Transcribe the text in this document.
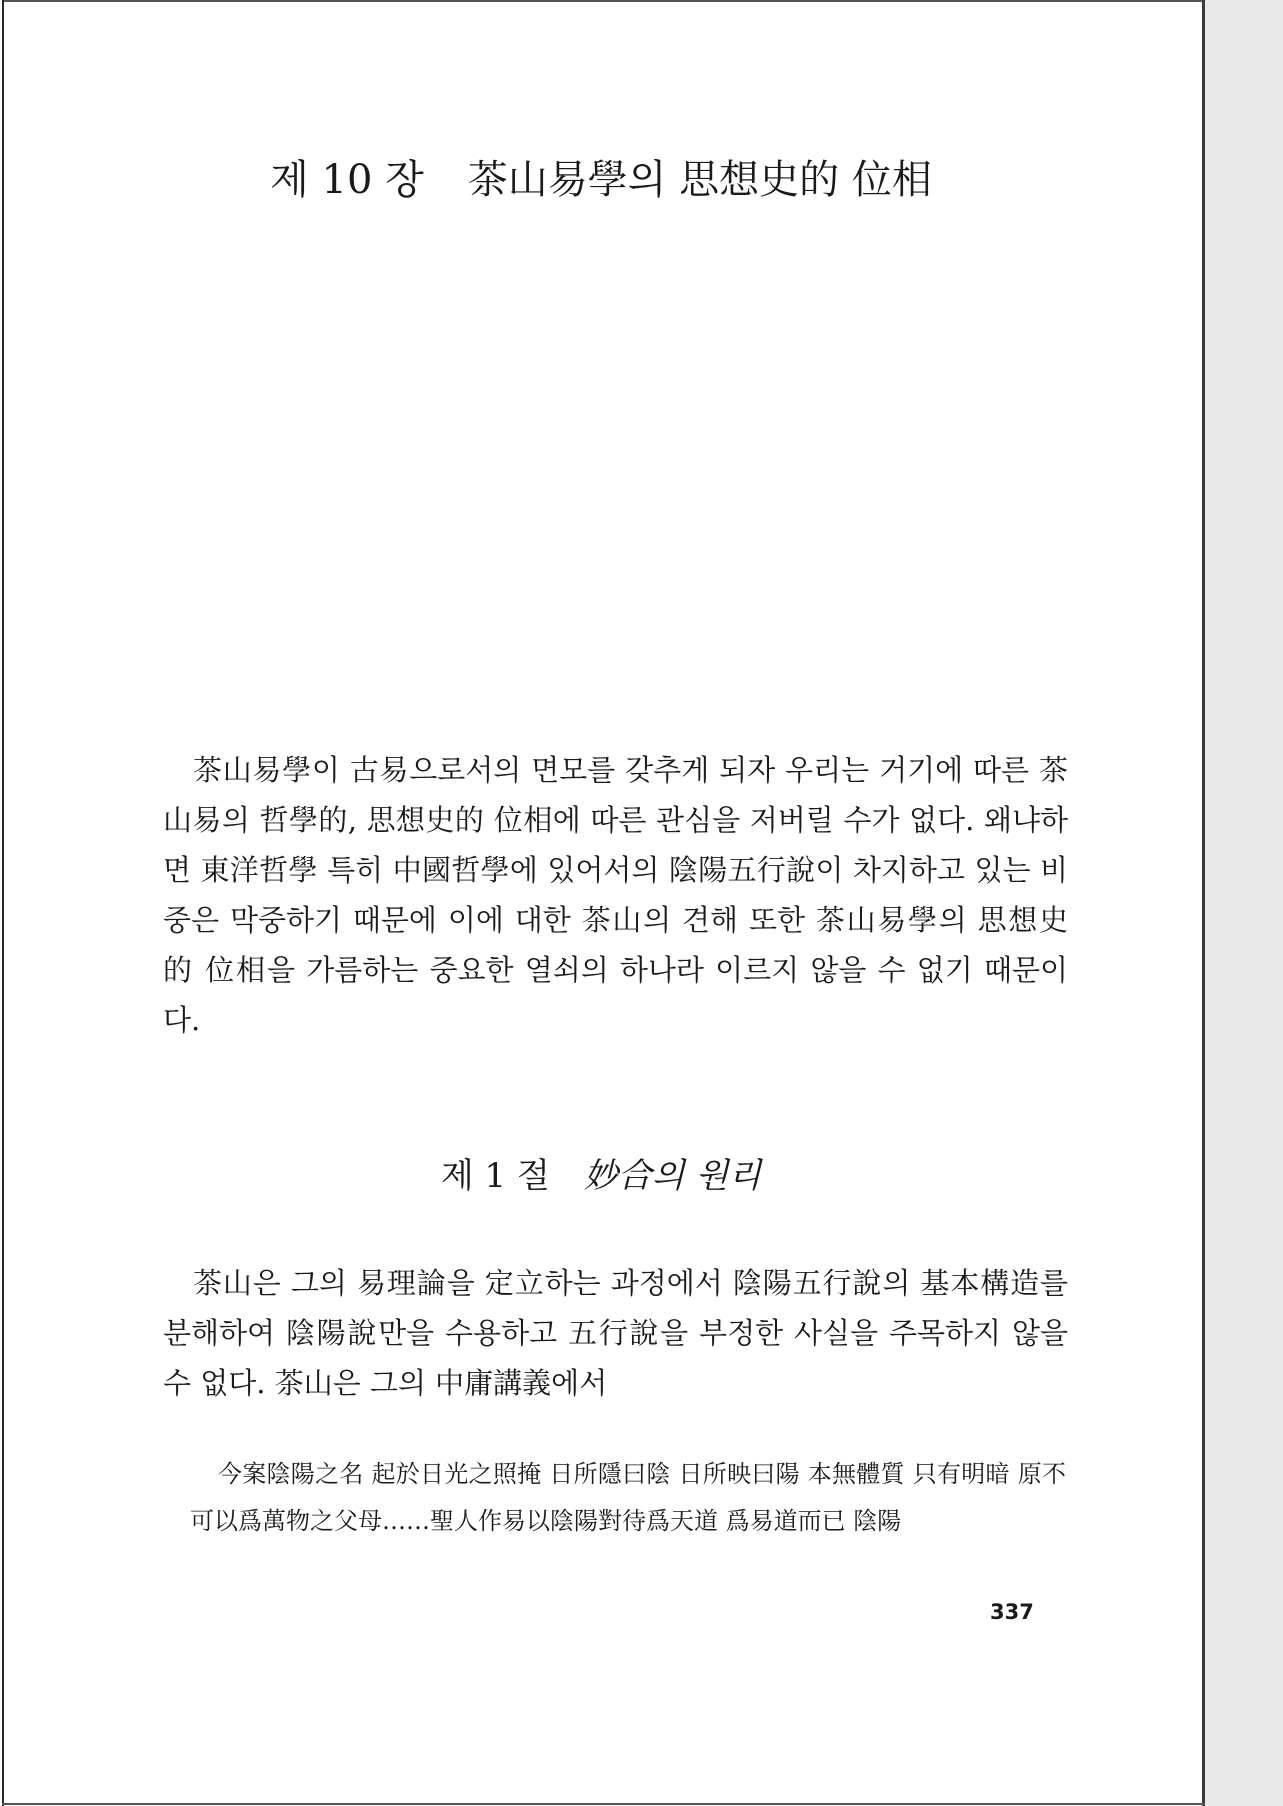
제 10 장 茶山易學의 思想史的 位相

茶山易學이 古易으로서의 면모를 갖추게 되자 우리는 거기에 따른 茶山易의 哲學的, 思想史的 位相에 따른 관심을 저버릴 수가 없다. 왜냐하면 東洋哲學 특히 中國哲學에 있어서의 陰陽五行說이 차지하고 있는 비중은 막중하기 때문에 이에 대한 茶山의 견해 또한 茶山易學의 思想史的 位相을 가름하는 중요한 열쇠의 하나라 이르지 않을 수 없기 때문이다.

제 1 절 妙合의 원리

茶山은 그의 易理論을 定立하는 과정에서 陰陽五行說의 基本構造를 분해하여 陰陽說만을 수용하고 五行說을 부정한 사실을 주목하지 않을 수 없다. 茶山은 그의 中庸講義에서

今案陰陽之名 起於日光之照掩 日所隱曰陰 日所映曰陽 本無體質 只有明暗 原不可以爲萬物之父母……聖人作易以陰陽對待爲天道 爲易道而已 陰陽

337
